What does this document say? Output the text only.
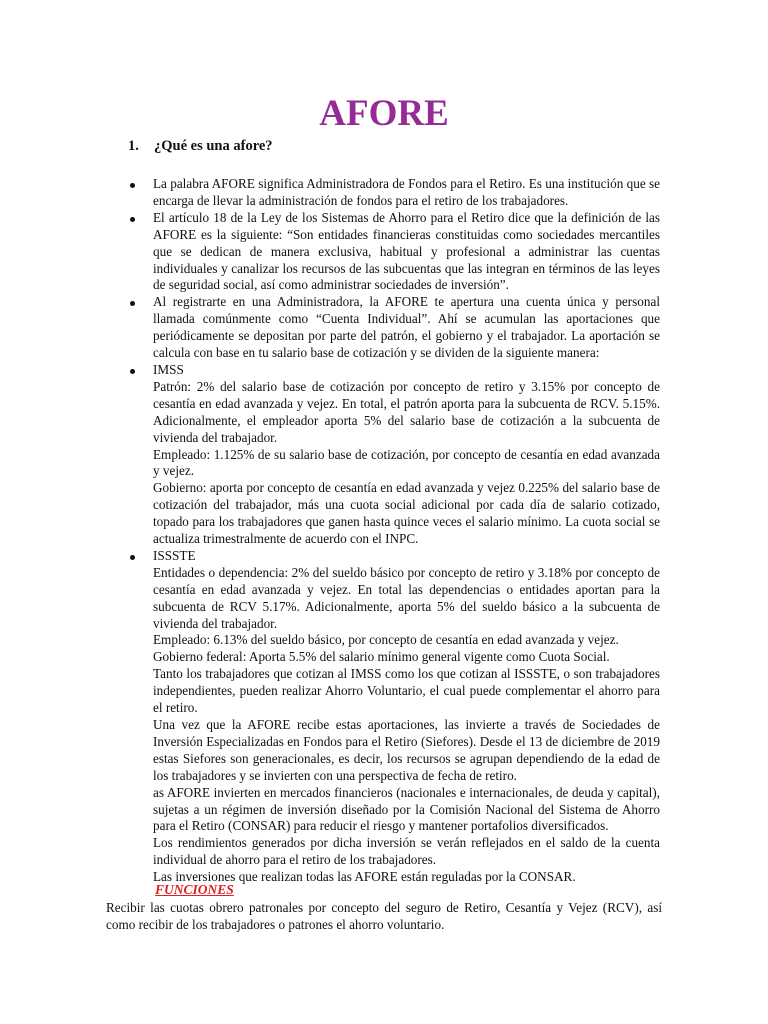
AFORE

1. ¿Qué es una afore?

La palabra AFORE significa Administradora de Fondos para el Retiro. Es una institución que se encarga de llevar la administración de fondos para el retiro de los trabajadores.

El artículo 18 de la Ley de los Sistemas de Ahorro para el Retiro dice que la definición de las AFORE es la siguiente: “Son entidades financieras constituidas como sociedades mercantiles que se dedican de manera exclusiva, habitual y profesional a administrar las cuentas individuales y canalizar los recursos de las subcuentas que las integran en términos de las leyes de seguridad social, así como administrar sociedades de inversión”.

Al registrarte en una Administradora, la AFORE te apertura una cuenta única y personal llamada comúnmente como “Cuenta Individual”. Ahí se acumulan las aportaciones que periódicamente se depositan por parte del patrón, el gobierno y el trabajador. La aportación se calcula con base en tu salario base de cotización y se dividen de la siguiente manera:

IMSS

Patrón: 2% del salario base de cotización por concepto de retiro y 3.15% por concepto de cesantía en edad avanzada y vejez. En total, el patrón aporta para la subcuenta de RCV. 5.15%. Adicionalmente, el empleador aporta 5% del salario base de cotización a la subcuenta de vivienda del trabajador.

Empleado: 1.125% de su salario base de cotización, por concepto de cesantía en edad avanzada y vejez.

Gobierno: aporta por concepto de cesantía en edad avanzada y vejez 0.225% del salario base de cotización del trabajador, más una cuota social adicional por cada día de salario cotizado, topado para los trabajadores que ganen hasta quince veces el salario mínimo. La cuota social se actualiza trimestralmente de acuerdo con el INPC.

ISSSTE

Entidades o dependencia: 2% del sueldo básico por concepto de retiro y 3.18% por concepto de cesantía en edad avanzada y vejez. En total las dependencias o entidades aportan para la subcuenta de RCV 5.17%. Adicionalmente, aporta 5% del sueldo básico a la subcuenta de vivienda del trabajador.

Empleado: 6.13% del sueldo básico, por concepto de cesantía en edad avanzada y vejez.

Gobierno federal: Aporta 5.5% del salario mínimo general vigente como Cuota Social.

Tanto los trabajadores que cotizan al IMSS como los que cotizan al ISSSTE, o son trabajadores independientes, pueden realizar Ahorro Voluntario, el cual puede complementar el ahorro para el retiro.

Una vez que la AFORE recibe estas aportaciones, las invierte a través de Sociedades de Inversión Especializadas en Fondos para el Retiro (Siefores). Desde el 13 de diciembre de 2019 estas Siefores son generacionales, es decir, los recursos se agrupan dependiendo de la edad de los trabajadores y se invierten con una perspectiva de fecha de retiro.

as AFORE invierten en mercados financieros (nacionales e internacionales, de deuda y capital), sujetas a un régimen de inversión diseñado por la Comisión Nacional del Sistema de Ahorro para el Retiro (CONSAR) para reducir el riesgo y mantener portafolios diversificados.

Los rendimientos generados por dicha inversión se verán reflejados en el saldo de la cuenta individual de ahorro para el retiro de los trabajadores.

Las inversiones que realizan todas las AFORE están reguladas por la CONSAR.

FUNCIONES

Recibir las cuotas obrero patronales por concepto del seguro de Retiro, Cesantía y Vejez (RCV), así como recibir de los trabajadores o patrones el ahorro voluntario.
